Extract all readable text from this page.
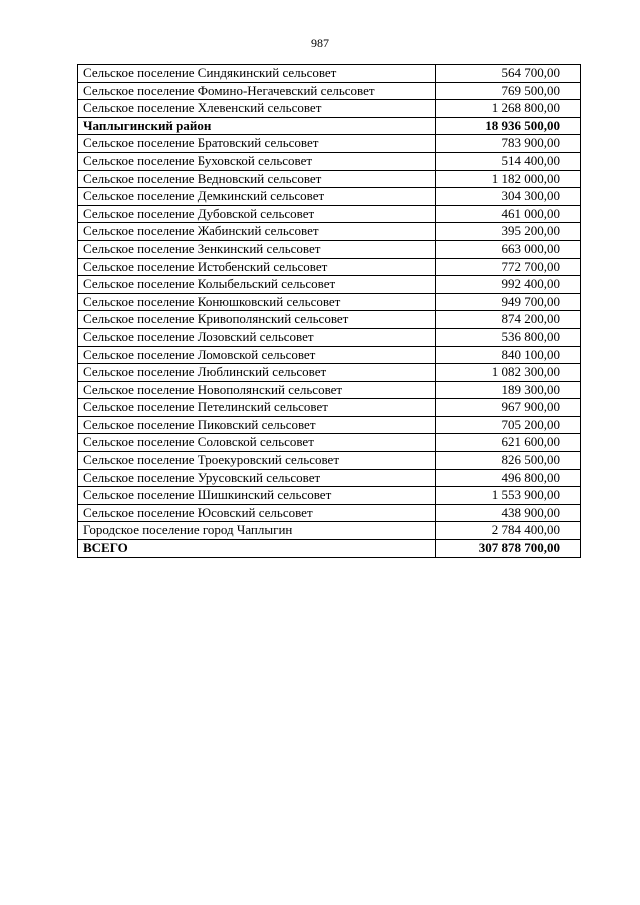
987
Сельское поселение Синдякинский сельсовет	564 700,00
Сельское поселение Фомино-Негачевский сельсовет	769 500,00
Сельское поселение Хлевенский сельсовет	1 268 800,00
Чаплыгинский район	18 936 500,00
Сельское поселение Братовский сельсовет	783 900,00
Сельское поселение Буховской сельсовет	514 400,00
Сельское поселение Ведновский сельсовет	1 182 000,00
Сельское поселение Демкинский сельсовет	304 300,00
Сельское поселение Дубовской сельсовет	461 000,00
Сельское поселение Жабинский сельсовет	395 200,00
Сельское поселение Зенкинский сельсовет	663 000,00
Сельское поселение Истобенский сельсовет	772 700,00
Сельское поселение Колыбельский сельсовет	992 400,00
Сельское поселение Конюшковский сельсовет	949 700,00
Сельское поселение Кривополянский сельсовет	874 200,00
Сельское поселение Лозовский сельсовет	536 800,00
Сельское поселение Ломовской сельсовет	840 100,00
Сельское поселение Люблинский сельсовет	1 082 300,00
Сельское поселение Новополянский сельсовет	189 300,00
Сельское поселение Петелинский сельсовет	967 900,00
Сельское поселение Пиковский сельсовет	705 200,00
Сельское поселение Соловской сельсовет	621 600,00
Сельское поселение Троекуровский сельсовет	826 500,00
Сельское поселение Урусовский сельсовет	496 800,00
Сельское поселение Шишкинский сельсовет	1 553 900,00
Сельское поселение Юсовский сельсовет	438 900,00
Городское поселение город Чаплыгин	2 784 400,00
ВСЕГО	307 878 700,00
